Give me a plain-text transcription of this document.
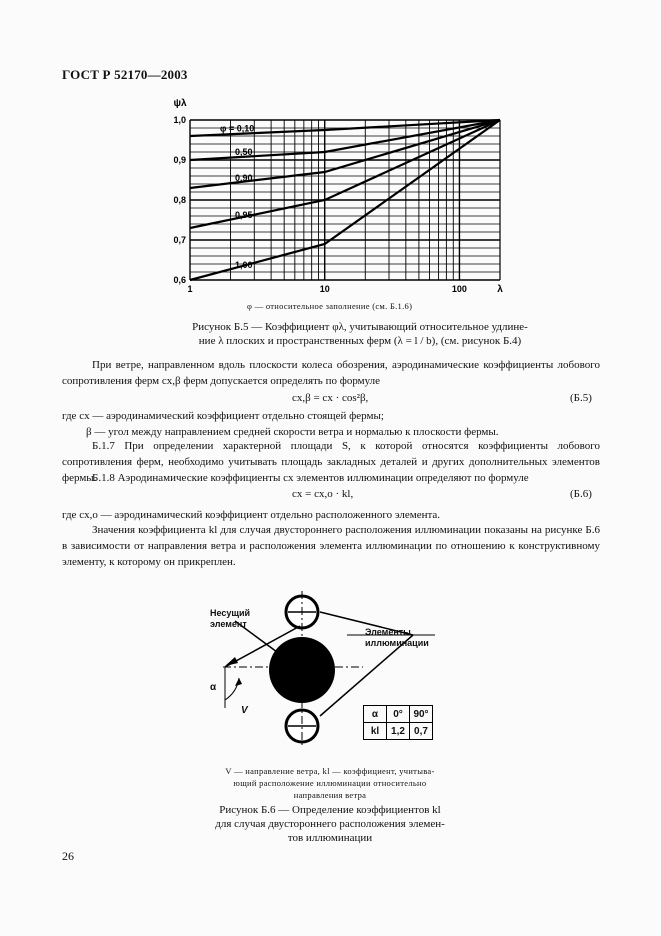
ГОСТ Р 52170—2003
φ = 0,10
0,50
0,90
0,95
1,00
1,0
0,9
0,8
0,7
0,6
1	10	100	λ
ψλ
φ — относительное заполнение (см. Б.1.6)
Рисунок Б.5 — Коэффициент φλ, учитывающий относительное удлине-
ние λ плоских и пространственных ферм (λ = l / b), (см. рисунок Б.4)
При ветре, направленном вдоль плоскости колеса обозрения, аэродинамические коэффициенты лобового сопротивления ферм cx,β ферм допускается определять по формуле
cx,β = cx · cos²β,	(Б.5)
где cx — аэродинамический коэффициент отдельно стоящей фермы;
β — угол между направлением средней скорости ветра и нормалью к плоскости фермы.
Б.1.7 При определении характерной площади S, к которой относятся коэффициенты лобового сопротивления ферм, необходимо учитывать площадь закладных деталей и других дополнительных элементов фермы.
Б.1.8 Аэродинамические коэффициенты cx элементов иллюминации определяют по формуле
cx = cx,o · kl,	(Б.6)
где cx,o — аэродинамический коэффициент отдельно расположенного элемента.
Значения коэффициента kl для случая двустороннего расположения иллюминации показаны на рисунке Б.6 в зависимости от направления ветра и расположения элемента иллюминации по отношению к конструктивному элементу, к которому он прикреплен.
Несущий
элемент
Элементы
иллюминации
α
V	α	0°	90°
kl	1,2	0,7
V — направление ветра, kl — коэффициент, учитыва-
ющий расположение иллюминации относительно
направления ветра
Рисунок Б.6 — Определение коэффициентов kl
для случая двустороннего расположения элемен-
тов иллюминации
26
